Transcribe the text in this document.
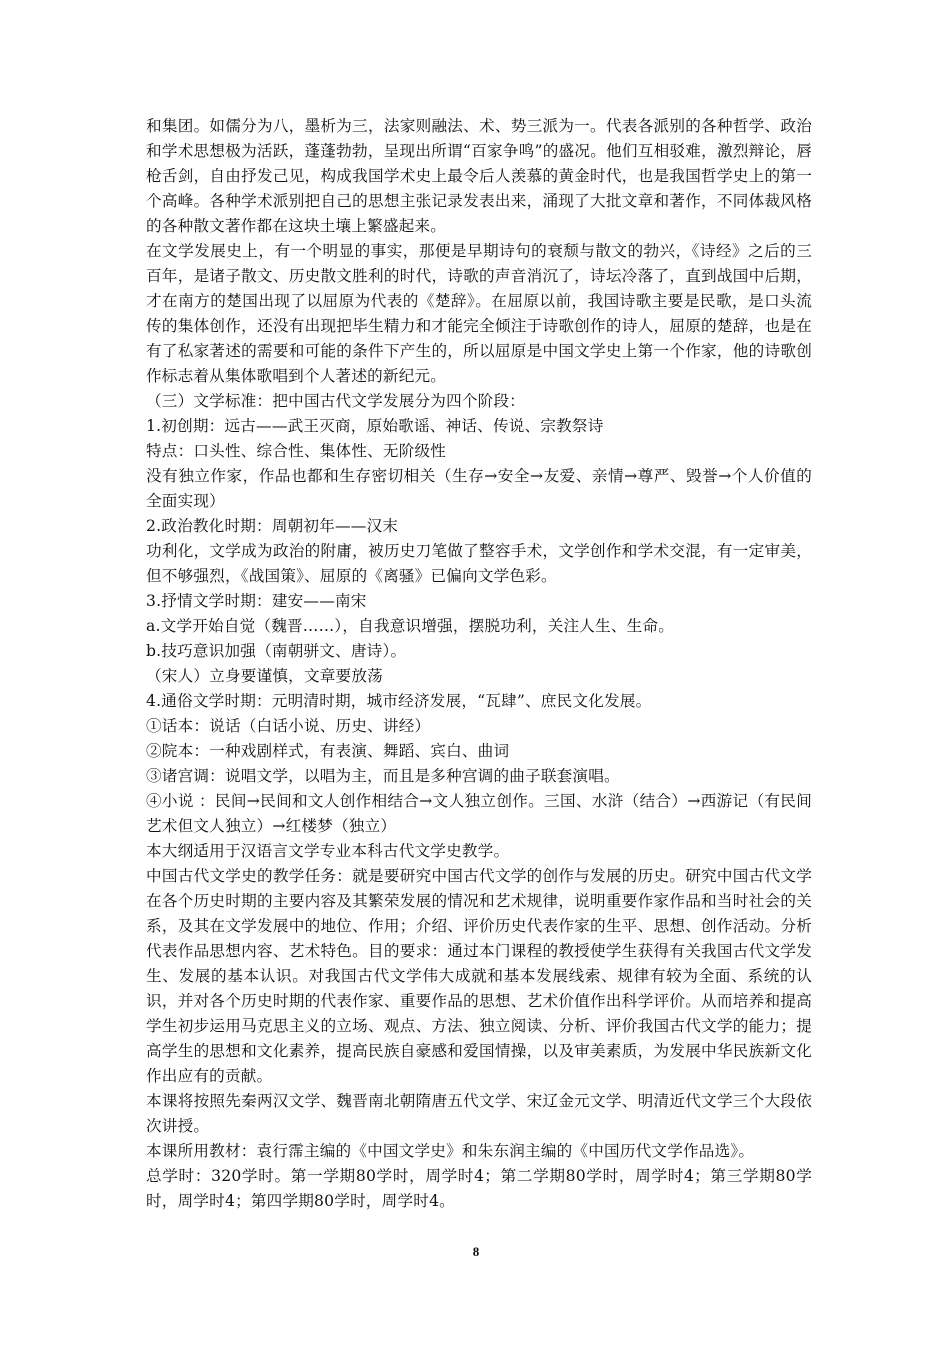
和集团。如儒分为八，墨析为三，法家则融法、术、势三派为一。代表各派别的各种哲学、政治和学术思想极为活跃，蓬蓬勃勃，呈现出所谓“百家争鸣”的盛况。他们互相驳难，激烈辩论，唇枪舌剑，自由抒发己见，构成我国学术史上最令后人羡慕的黄金时代，也是我国哲学史上的第一个高峰。各种学术派别把自己的思想主张记录发表出来，涌现了大批文章和著作，不同体裁风格的各种散文著作都在这块土壤上繁盛起来。

在文学发展史上，有一个明显的事实，那便是早期诗句的衰颓与散文的勃兴，《诗经》之后的三百年，是诸子散文、历史散文胜利的时代，诗歌的声音消沉了，诗坛冷落了，直到战国中后期，才在南方的楚国出现了以屈原为代表的《楚辞》。在屈原以前，我国诗歌主要是民歌，是口头流传的集体创作，还没有出现把毕生精力和才能完全倾注于诗歌创作的诗人，屈原的楚辞，也是在有了私家著述的需要和可能的条件下产生的，所以屈原是中国文学史上第一个作家，他的诗歌创作标志着从集体歌唱到个人著述的新纪元。

（三）文学标准：把中国古代文学发展分为四个阶段：

1.初创期：远古——武王灭商，原始歌谣、神话、传说、宗教祭诗

特点：口头性、综合性、集体性、无阶级性

没有独立作家，作品也都和生存密切相关（生存→安全→友爱、亲情→尊严、毁誉→个人价值的全面实现）

2.政治教化时期：周朝初年——汉末

功利化，文学成为政治的附庸，被历史刀笔做了整容手术，文学创作和学术交混，有一定审美，但不够强烈，《战国策》、屈原的《离骚》已偏向文学色彩。

3.抒情文学时期：建安——南宋

a.文学开始自觉（魏晋……），自我意识增强，摆脱功利，关注人生、生命。

b.技巧意识加强（南朝骈文、唐诗）。

（宋人）立身要谨慎，文章要放荡

4.通俗文学时期：元明清时期，城市经济发展，“瓦肆”、庶民文化发展。

①话本：说话（白话小说、历史、讲经）

②院本：一种戏剧样式，有表演、舞蹈、宾白、曲词

③诸宫调：说唱文学，以唱为主，而且是多种宫调的曲子联套演唱。

④小说 ：民间→民间和文人创作相结合→文人独立创作。三国、水浒（结合）→西游记（有民间艺术但文人独立）→红楼梦（独立）

本大纲适用于汉语言文学专业本科古代文学史教学。

中国古代文学史的教学任务：就是要研究中国古代文学的创作与发展的历史。研究中国古代文学在各个历史时期的主要内容及其繁荣发展的情况和艺术规律，说明重要作家作品和当时社会的关系，及其在文学发展中的地位、作用；介绍、评价历史代表作家的生平、思想、创作活动。分析代表作品思想内容、艺术特色。目的要求：通过本门课程的教授使学生获得有关我国古代文学发生、发展的基本认识。对我国古代文学伟大成就和基本发展线索、规律有较为全面、系统的认识，并对各个历史时期的代表作家、重要作品的思想、艺术价值作出科学评价。从而培养和提高学生初步运用马克思主义的立场、观点、方法、独立阅读、分析、评价我国古代文学的能力；提高学生的思想和文化素养，提高民族自豪感和爱国情操，以及审美素质，为发展中华民族新文化作出应有的贡献。

本课将按照先秦两汉文学、魏晋南北朝隋唐五代文学、宋辽金元文学、明清近代文学三个大段依次讲授。

本课所用教材：袁行霈主编的《中国文学史》和朱东润主编的《中国历代文学作品选》。

总学时：320学时。第一学期80学时，周学时4；第二学期80学时，周学时4；第三学期80学时，周学时4；第四学期80学时，周学时4。

8
